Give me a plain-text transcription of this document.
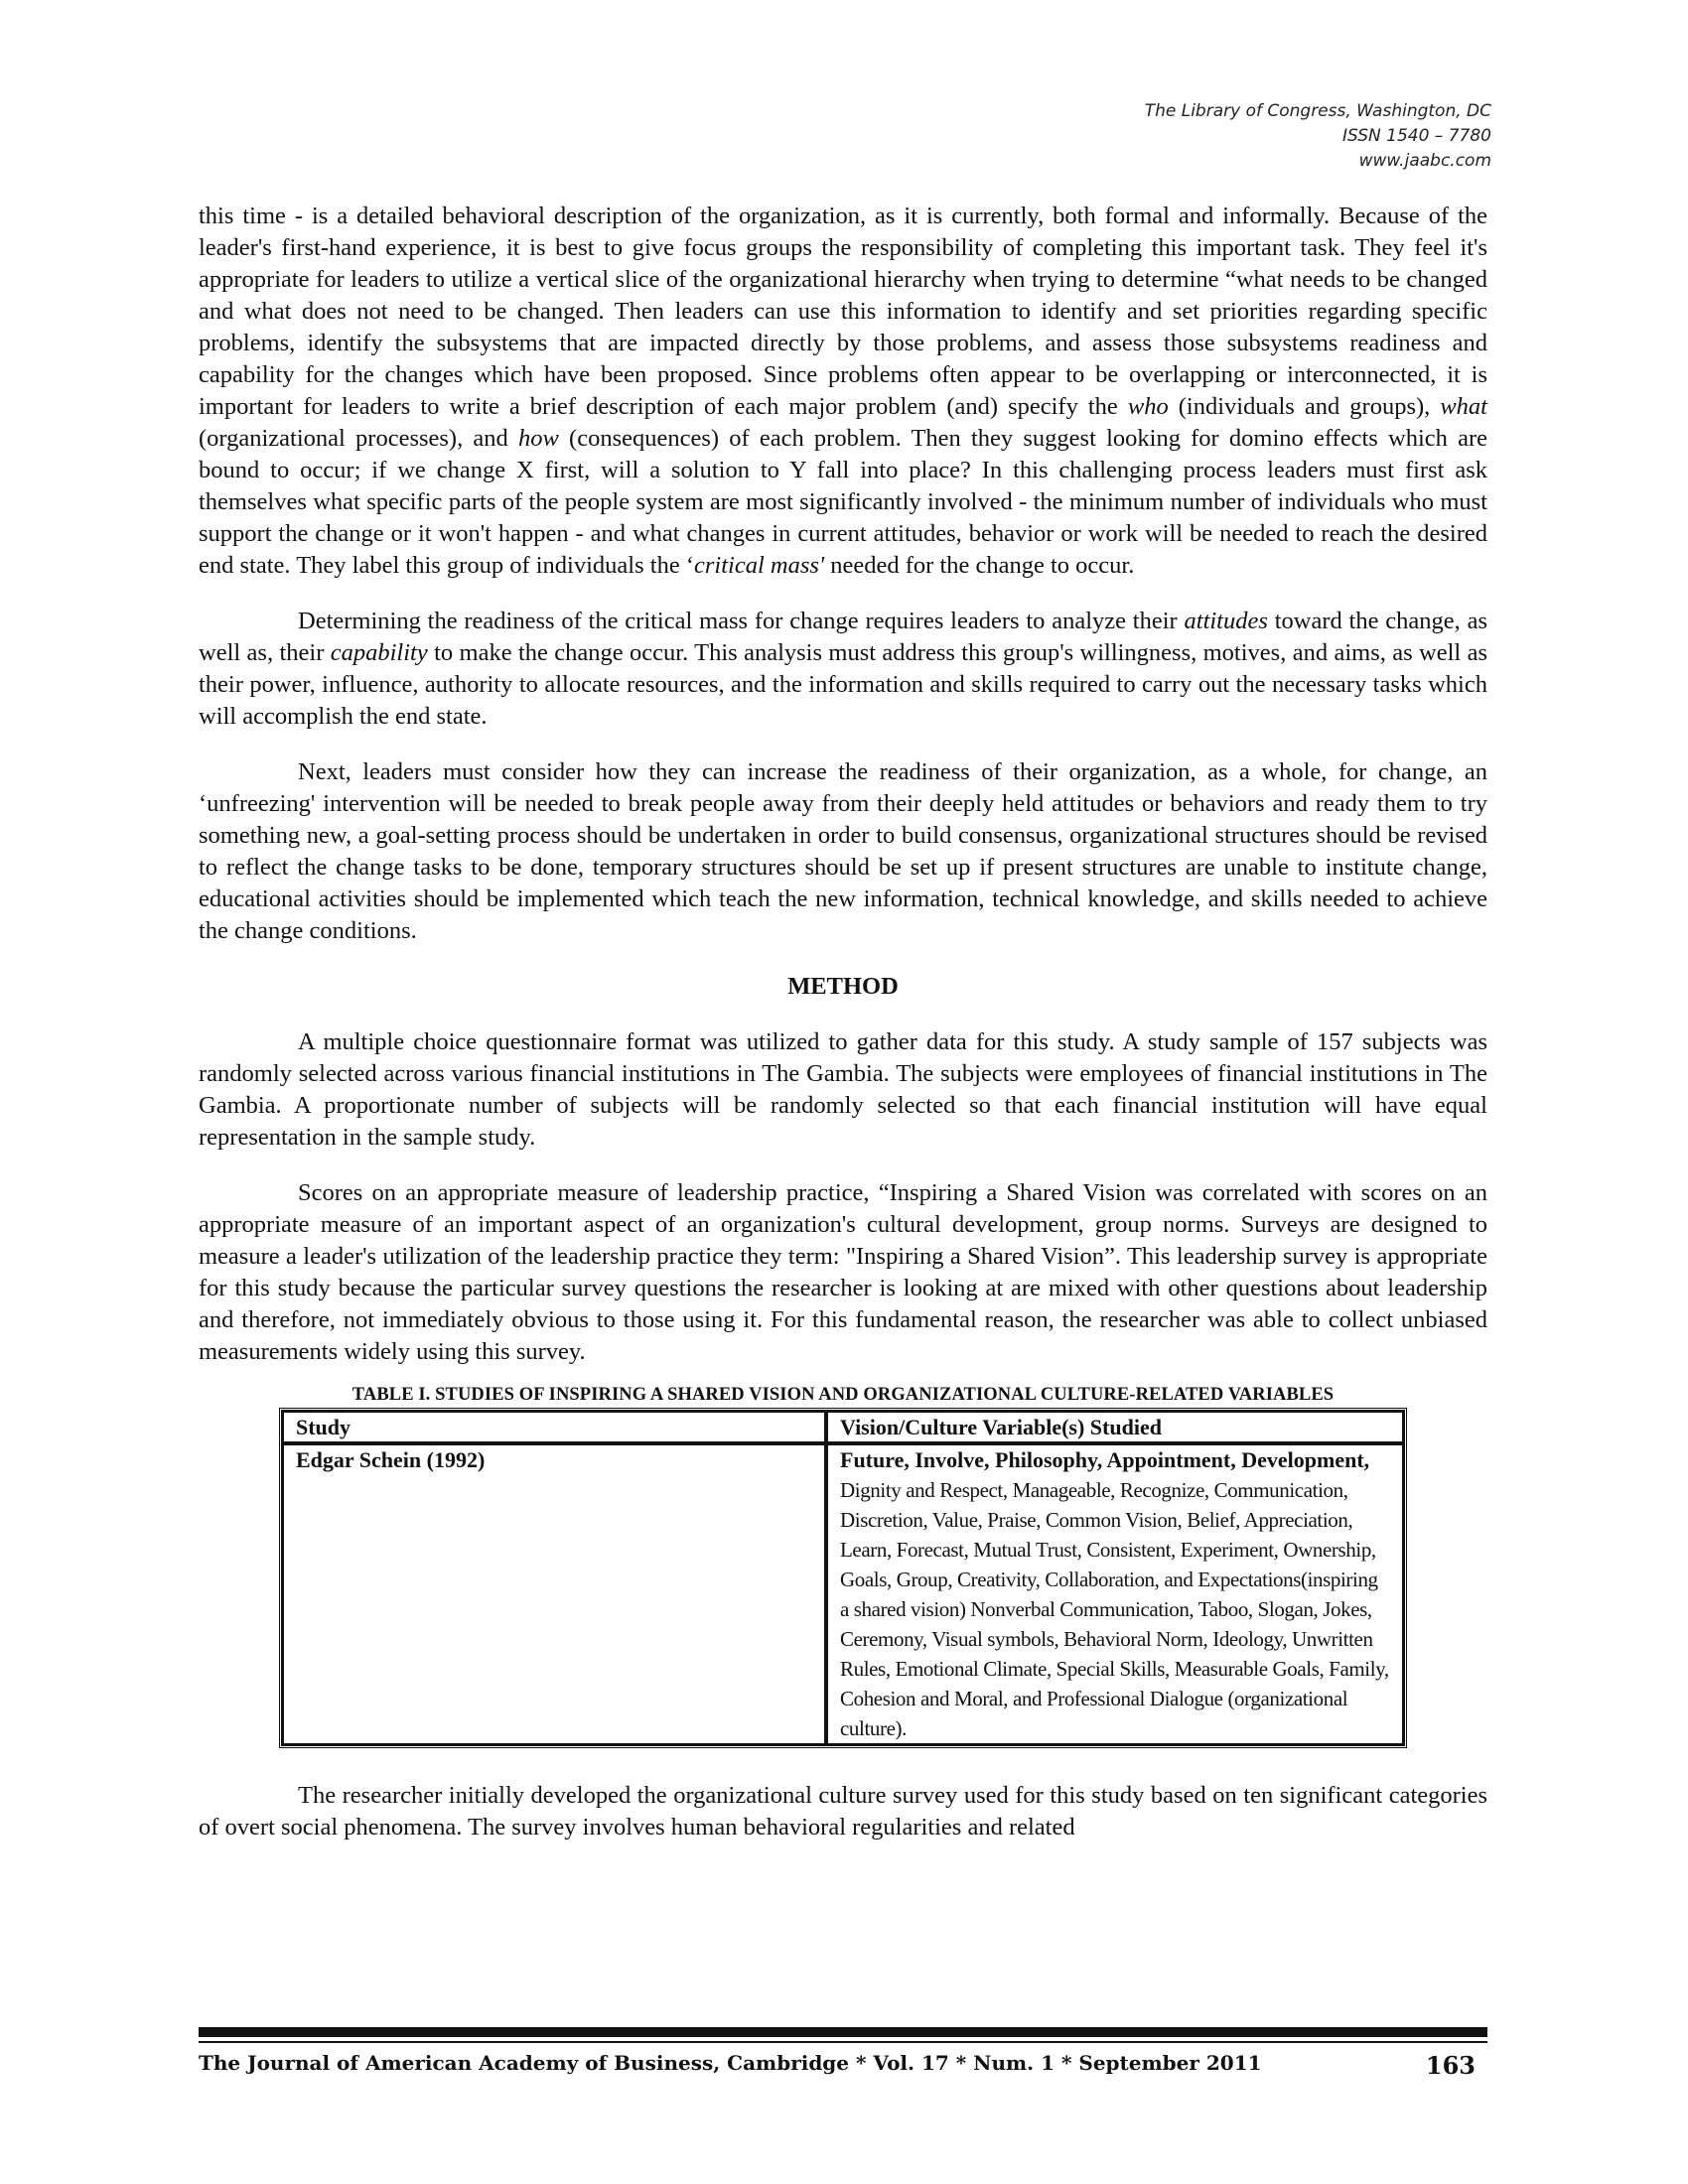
The Library of Congress, Washington, DC
ISSN 1540 – 7780
www.jaabc.com

this time - is a detailed behavioral description of the organization, as it is currently, both formal and informally. Because of the leader's first-hand experience, it is best to give focus groups the responsibility of completing this important task. They feel it's appropriate for leaders to utilize a vertical slice of the organizational hierarchy when trying to determine “what needs to be changed and what does not need to be changed. Then leaders can use this information to identify and set priorities regarding specific problems, identify the subsystems that are impacted directly by those problems, and assess those subsystems readiness and capability for the changes which have been proposed. Since problems often appear to be overlapping or interconnected, it is important for leaders to write a brief description of each major problem (and) specify the who (individuals and groups), what (organizational processes), and how (consequences) of each problem. Then they suggest looking for domino effects which are bound to occur; if we change X first, will a solution to Y fall into place? In this challenging process leaders must first ask themselves what specific parts of the people system are most significantly involved - the minimum number of individuals who must support the change or it won't happen - and what changes in current attitudes, behavior or work will be needed to reach the desired end state. They label this group of individuals the ‘critical mass' needed for the change to occur.

Determining the readiness of the critical mass for change requires leaders to analyze their attitudes toward the change, as well as, their capability to make the change occur. This analysis must address this group's willingness, motives, and aims, as well as their power, influence, authority to allocate resources, and the information and skills required to carry out the necessary tasks which will accomplish the end state.

Next, leaders must consider how they can increase the readiness of their organization, as a whole, for change, an ‘unfreezing' intervention will be needed to break people away from their deeply held attitudes or behaviors and ready them to try something new, a goal-setting process should be undertaken in order to build consensus, organizational structures should be revised to reflect the change tasks to be done, temporary structures should be set up if present structures are unable to institute change, educational activities should be implemented which teach the new information, technical knowledge, and skills needed to achieve the change conditions.

METHOD

A multiple choice questionnaire format was utilized to gather data for this study. A study sample of 157 subjects was randomly selected across various financial institutions in The Gambia. The subjects were employees of financial institutions in The Gambia. A proportionate number of subjects will be randomly selected so that each financial institution will have equal representation in the sample study.

Scores on an appropriate measure of leadership practice, “Inspiring a Shared Vision was correlated with scores on an appropriate measure of an important aspect of an organization's cultural development, group norms. Surveys are designed to measure a leader's utilization of the leadership practice they term: "Inspiring a Shared Vision”. This leadership survey is appropriate for this study because the particular survey questions the researcher is looking at are mixed with other questions about leadership and therefore, not immediately obvious to those using it. For this fundamental reason, the researcher was able to collect unbiased measurements widely using this survey.

TABLE I. STUDIES OF INSPIRING A SHARED VISION AND ORGANIZATIONAL CULTURE-RELATED VARIABLES
Study	Vision/Culture Variable(s) Studied
Edgar Schein (1992)	Future, Involve, Philosophy, Appointment, Development, Dignity and Respect, Manageable, Recognize, Communication, Discretion, Value, Praise, Common Vision, Belief, Appreciation, Learn, Forecast, Mutual Trust, Consistent, Experiment, Ownership, Goals, Group, Creativity, Collaboration, and Expectations(inspiring a shared vision) Nonverbal Communication, Taboo, Slogan, Jokes, Ceremony, Visual symbols, Behavioral Norm, Ideology, Unwritten Rules, Emotional Climate, Special Skills, Measurable Goals, Family, Cohesion and Moral, and Professional Dialogue (organizational culture).

The researcher initially developed the organizational culture survey used for this study based on ten significant categories of overt social phenomena. The survey involves human behavioral regularities and related

The Journal of American Academy of Business, Cambridge * Vol. 17 * Num. 1 * September 2011	163
